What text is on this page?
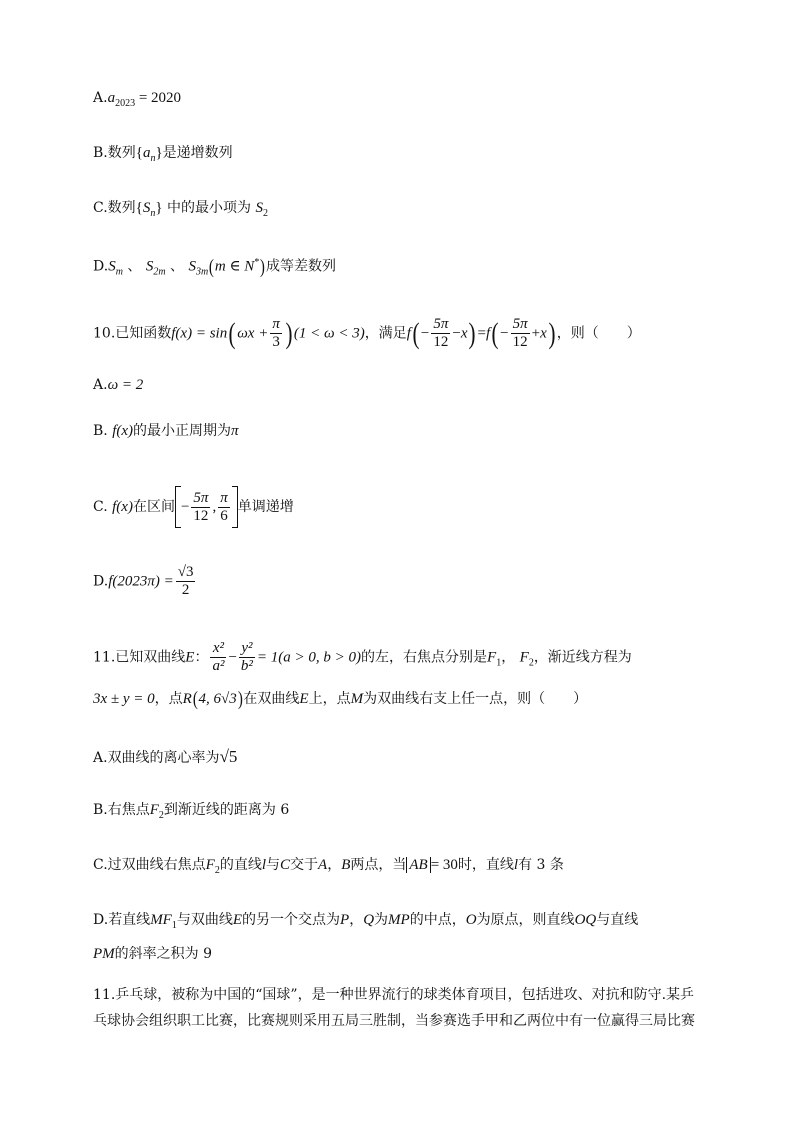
$A.a_{2023} = 2020$
B.数列$\{a_n\}$是递增数列
C.数列$\{S_n\}$ 中的最小项为 $S_2$
$D.S_m$ 、 $S_{2m}$ 、 $S_{3m}(m$ ∈ N*)成等差数列
10.已知函数f(x) = sin( $\omega x + \frac{\pi}{3}$ ) (1 < ω < 3)，满足$f( - \frac{5\pi}{12} -x) =f( - \frac{5\pi}{12} +x)$ ，则（　　）
A.ω = 2
B. f(x)的最小正周期为π
C. f(x)在区间 − $\frac{5\pi}{12}$ , $\frac{\pi}{6}$ 单调递增
$D.f(2023\pi) = \frac{√3}{2}$
11.已知双曲线E： $\frac{\text{x²}}{\text{a²}} - \frac{\text{y²}}{\text{b²}} = 1(a > 0$, b > 0)的左，右焦点分别是$F_1$， $F_2$，渐近线方程为
3x ± y = 0，点R(4, 6√3)在双曲线E上，点M为双曲线右支上任一点，则（　　）
A.双曲线的离心率为√5
B.右焦点$F_2$到渐近线的距离为 6
C.过双曲线右焦点$F_2$的直线l与C交于A，B两点，当 AB = 30时，直线l有 3 条
D.若直线$MF_1$与双曲线E的另一个交点为P，Q为MP的中点，O为原点，则直线OQ与直线
PM的斜率之积为 9
11.乒乓球，被称为中国的“国球”，是一种世界流行的球类体育项目，包括进攻、对抗和防守.某乒
乓球协会组织职工比赛，比赛规则采用五局三胜制，当参赛选手甲和乙两位中有一位赢得三局比赛
